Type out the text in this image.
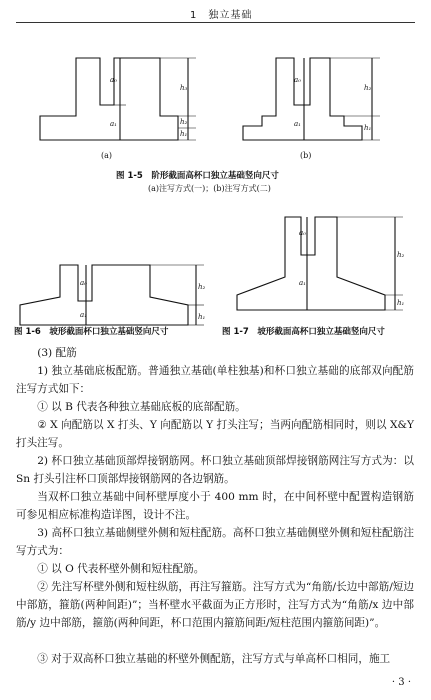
1　独立基础
a₀
a₁
h₃
h₂
h₁
a₀
a₁
h₂
h₁
(a)	(b)
图 1-5　阶形截面高杯口独立基础竖向尺寸
(a)注写方式(一)；(b)注写方式(二)
a₀
a₁
h₂
h₁
a₀
a₁
h₂
h₁
图 1-6　坡形截面杯口独立基础竖向尺寸	图 1-7　坡形截面高杯口独立基础竖向尺寸
(3) 配筋
1) 独立基础底板配筋。普通独立基础(单柱独基)和杯口独立基础的底部双向配筋注写方式如下：
① 以 B 代表各种独立基础底板的底部配筋。
② X 向配筋以 X 打头、Y 向配筋以 Y 打头注写；当两向配筋相同时，则以 X&Y 打头注写。
2) 杯口独立基础顶部焊接钢筋网。杯口独立基础顶部焊接钢筋网注写方式为：以 Sn 打头引注杯口顶部焊接钢筋网的各边钢筋。
当双杯口独立基础中间杯壁厚度小于 400 mm 时，在中间杯壁中配置构造钢筋可参见相应标准构造详图，设计不注。
3) 高杯口独立基础侧壁外侧和短柱配筋。高杯口独立基础侧壁外侧和短柱配筋注写方式为：
① 以 O 代表杯壁外侧和短柱配筋。
② 先注写杯壁外侧和短柱纵筋，再注写箍筋。注写方式为“角筋/长边中部筋/短边中部筋，箍筋(两种间距)”；当杯壁水平截面为正方形时，注写方式为“角筋/x 边中部筋/y 边中部筋，箍筋(两种间距，杯口范围内箍筋间距/短柱范围内箍筋间距)”。
③ 对于双高杯口独立基础的杯壁外侧配筋，注写方式与单高杯口相同，施工
· 3 ·
